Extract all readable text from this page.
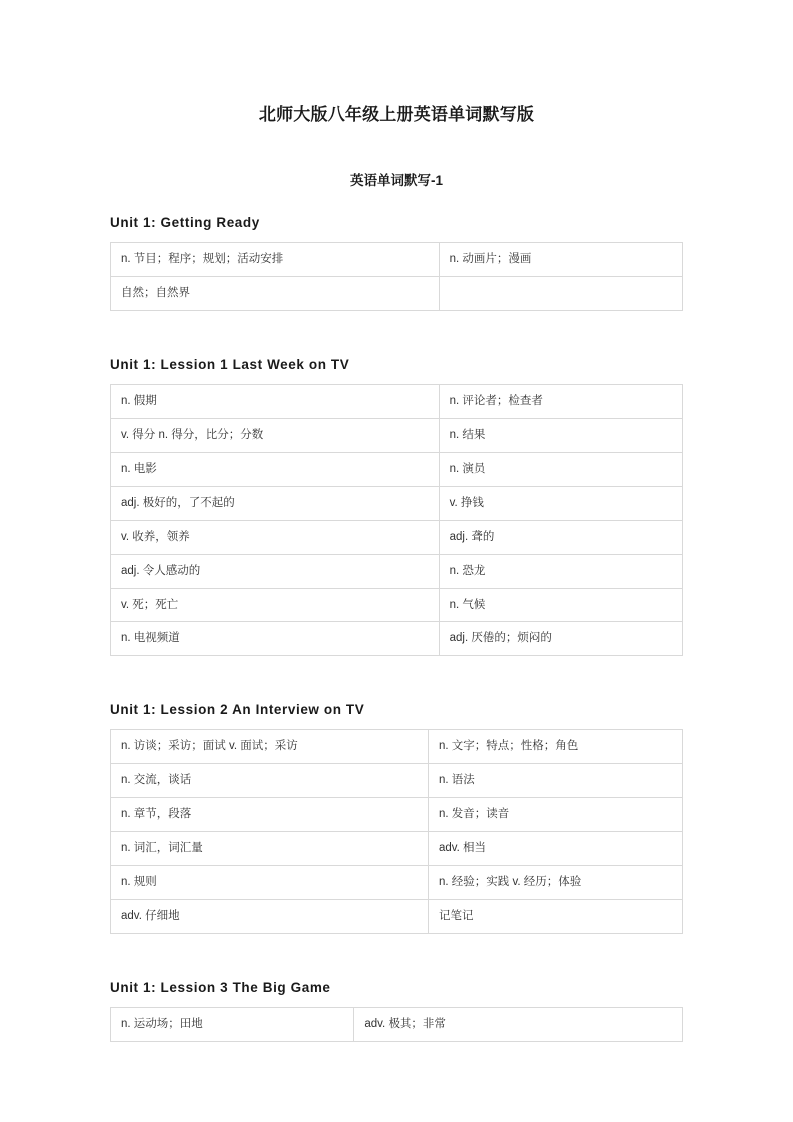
北师大版八年级上册英语单词默写版
英语单词默写-1
Unit 1: Getting Ready
n. 节目；程序；规划；活动安排	n. 动画片；漫画
自然；自然界	
Unit 1: Lession 1 Last Week on TV
n. 假期	n. 评论者；检查者
v. 得分 n. 得分，比分；分数	n. 结果
n. 电影	n. 演员
adj. 极好的，了不起的	v. 挣钱
v. 收养，领养	adj. 聋的
adj. 令人感动的	n. 恐龙
v. 死；死亡	n. 气候
n. 电视频道	adj. 厌倦的；烦闷的
Unit 1: Lession 2 An Interview on TV
n. 访谈；采访；面试 v. 面试；采访	n. 文字；特点；性格；角色
n. 交流，谈话	n. 语法
n. 章节，段落	n. 发音；读音
n. 词汇，词汇量	adv. 相当
n. 规则	n. 经验；实践 v. 经历；体验
adv. 仔细地	记笔记
Unit 1: Lession 3 The Big Game
n. 运动场；田地	adv. 极其；非常
